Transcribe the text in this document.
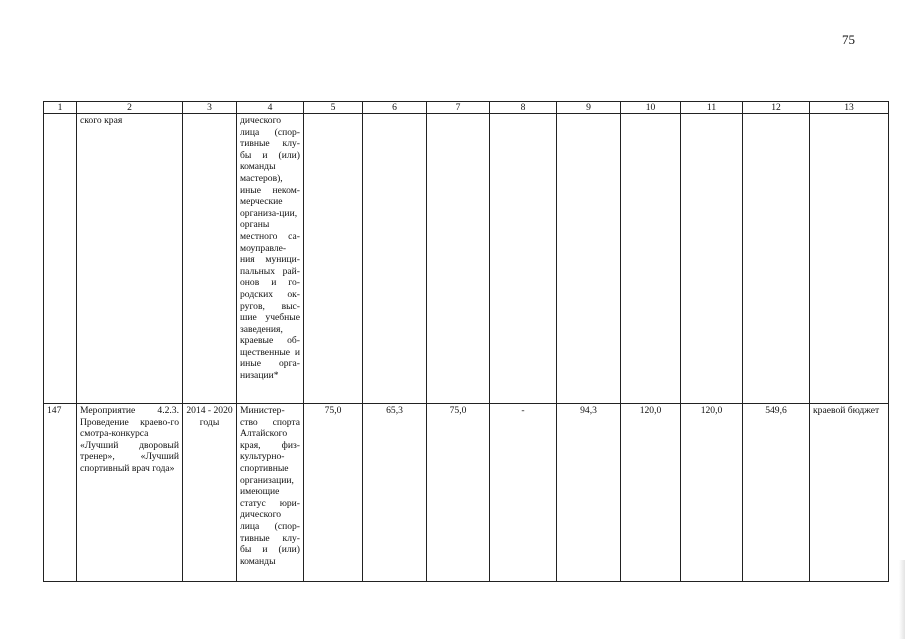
75
1	2	3	4	5	6	7	8	9	10	11	12	13
	ского края		дического лица (спор-тивные клу-бы и (или) команды мастеров), иные неком-мерческие организа-ции, органы местного са-моуправле-ния муници-пальных рай-онов и го-родских ок-ругов, выс-шие учебные заведения, краевые об-щественные и иные орга-низации*									
147	Мероприятие 4.2.3. Проведение краево-го смотра-конкурса «Лучший дворовый тренер», «Лучший спортивный врач года»	2014 - 2020 годы	Министер-ство спорта Алтайского края, физ-культурно-спортивные организации, имеющие статус юри-дического лица (спор-тивные клу-бы и (или) команды	75,0	65,3	75,0	-	94,3	120,0	120,0	549,6	краевой бюджет
